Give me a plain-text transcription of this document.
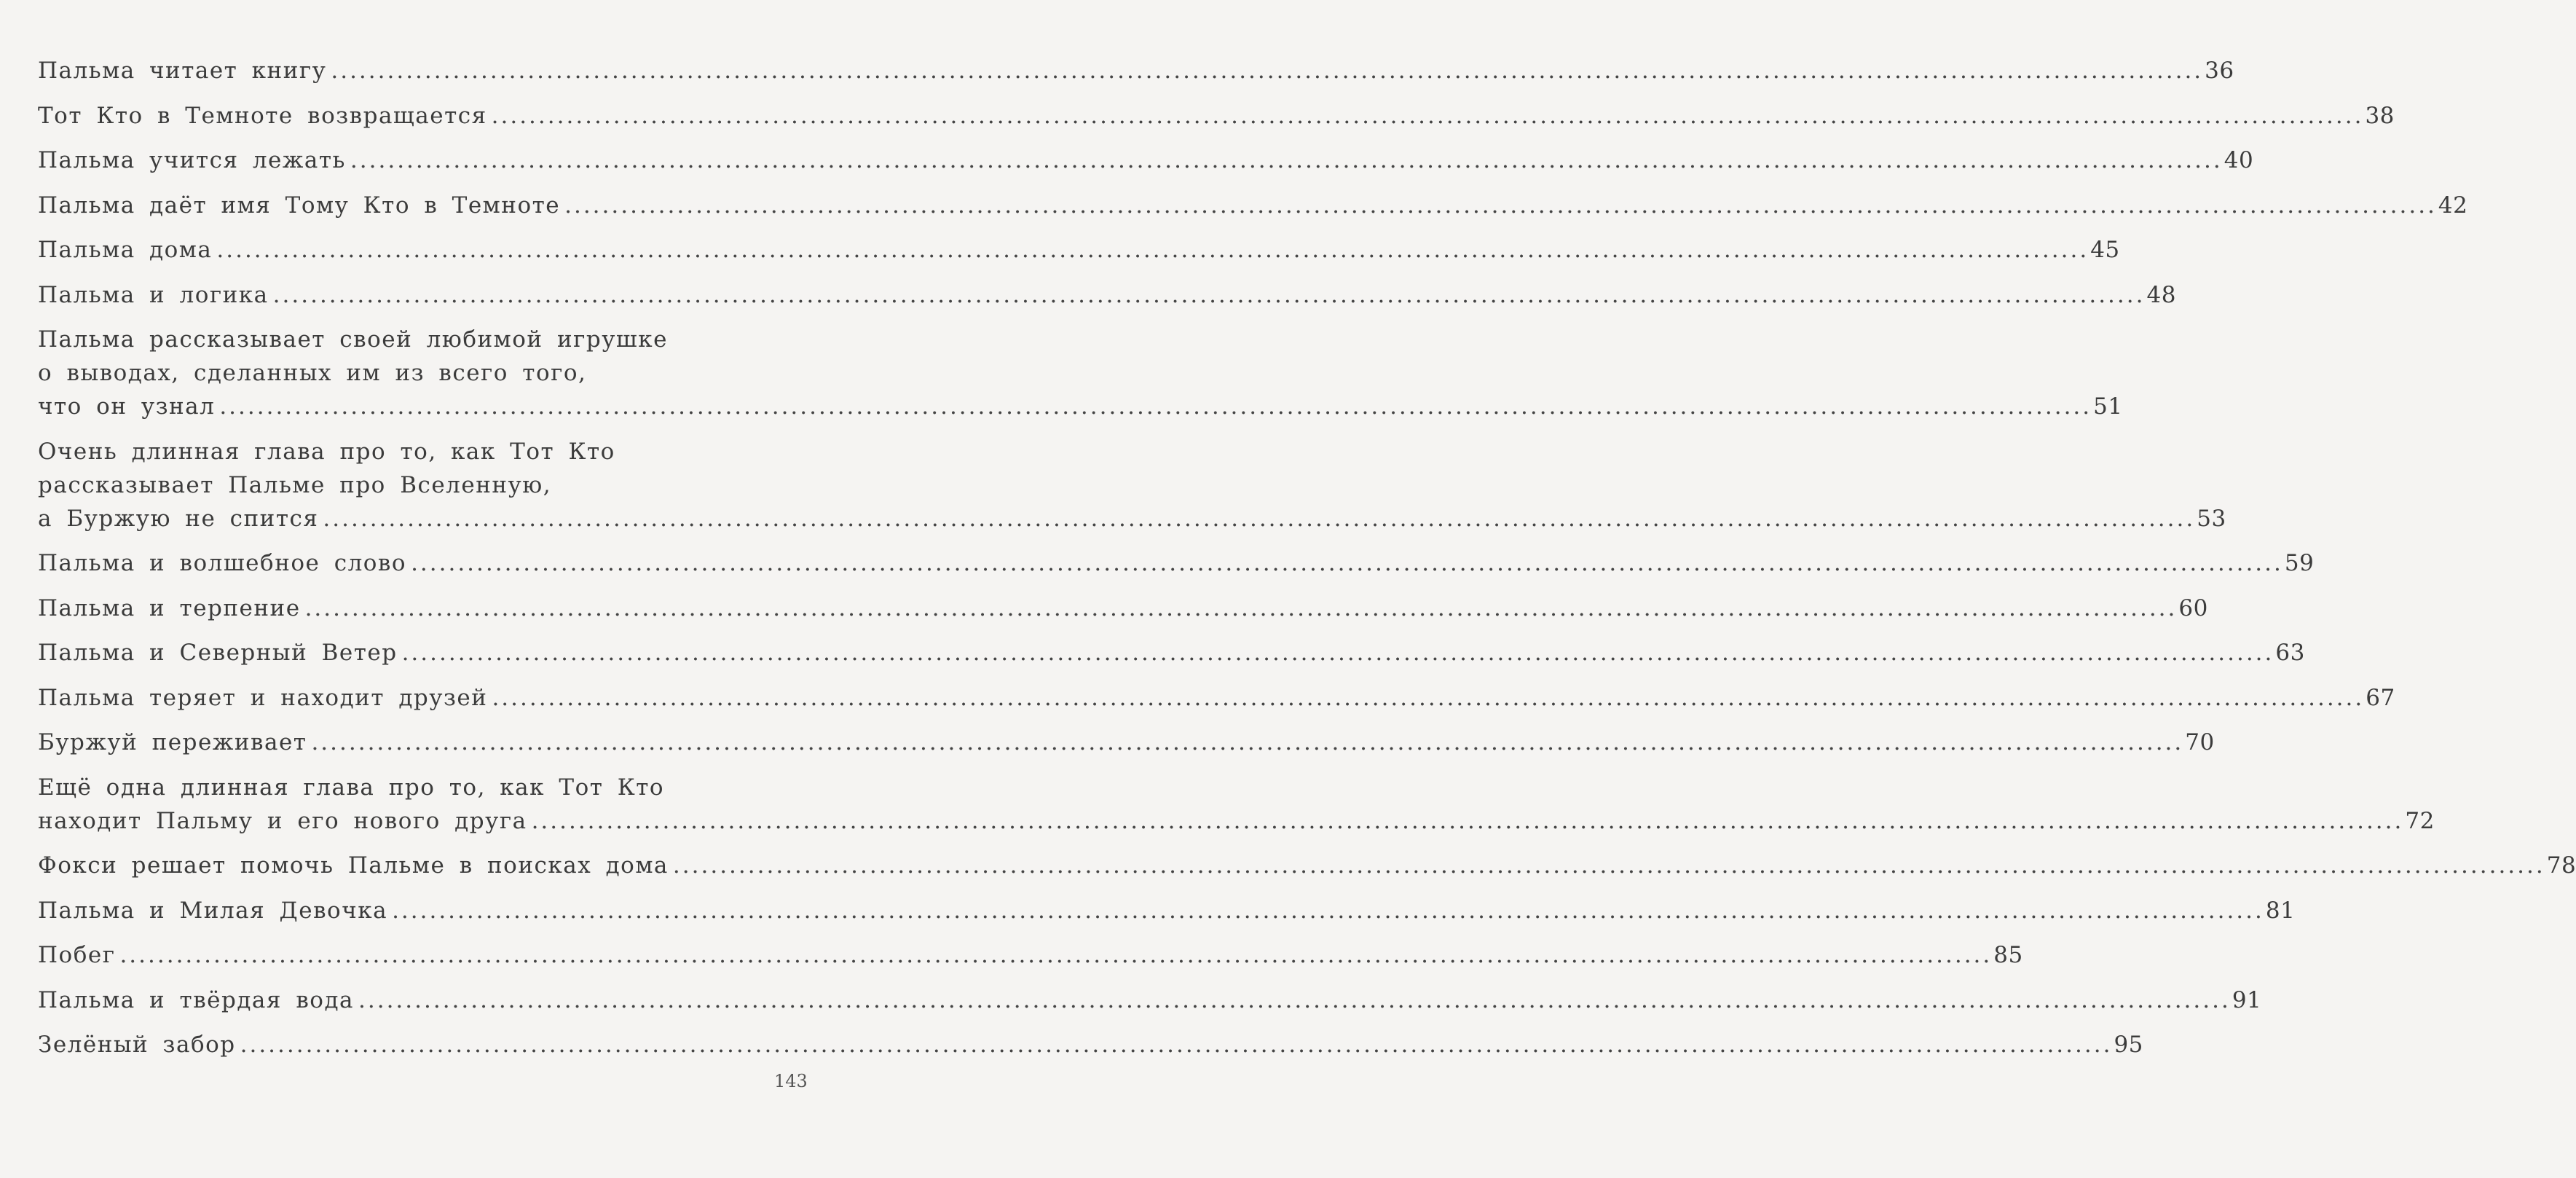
Пальма читает книгу ........................................................................................................................................................................................................ 36
Тот Кто в Темноте возвращается ........................................................................................................................................................................................................ 38
Пальма учится лежать ........................................................................................................................................................................................................ 40
Пальма даёт имя Тому Кто в Темноте ........................................................................................................................................................................................................ 42
Пальма дома ........................................................................................................................................................................................................ 45
Пальма и логика ........................................................................................................................................................................................................ 48
Пальма рассказывает своей любимой игрушке
о выводах, сделанных им из всего того,
что он узнал ........................................................................................................................................................................................................ 51
Очень длинная глава про то, как Тот Кто
рассказывает Пальме про Вселенную,
а Буржую не спится ........................................................................................................................................................................................................ 53
Пальма и волшебное слово ........................................................................................................................................................................................................ 59
Пальма и терпение ........................................................................................................................................................................................................ 60
Пальма и Северный Ветер ........................................................................................................................................................................................................ 63
Пальма теряет и находит друзей ........................................................................................................................................................................................................ 67
Буржуй переживает ........................................................................................................................................................................................................ 70
Ещё одна длинная глава про то, как Тот Кто
находит Пальму и его нового друга ........................................................................................................................................................................................................ 72
Фокси решает помочь Пальме в поисках дома ........................................................................................................................................................................................................ 78
Пальма и Милая Девочка ........................................................................................................................................................................................................ 81
Побег ........................................................................................................................................................................................................ 85
Пальма и твёрдая вода ........................................................................................................................................................................................................ 91
Зелёный забор ........................................................................................................................................................................................................ 95
143
